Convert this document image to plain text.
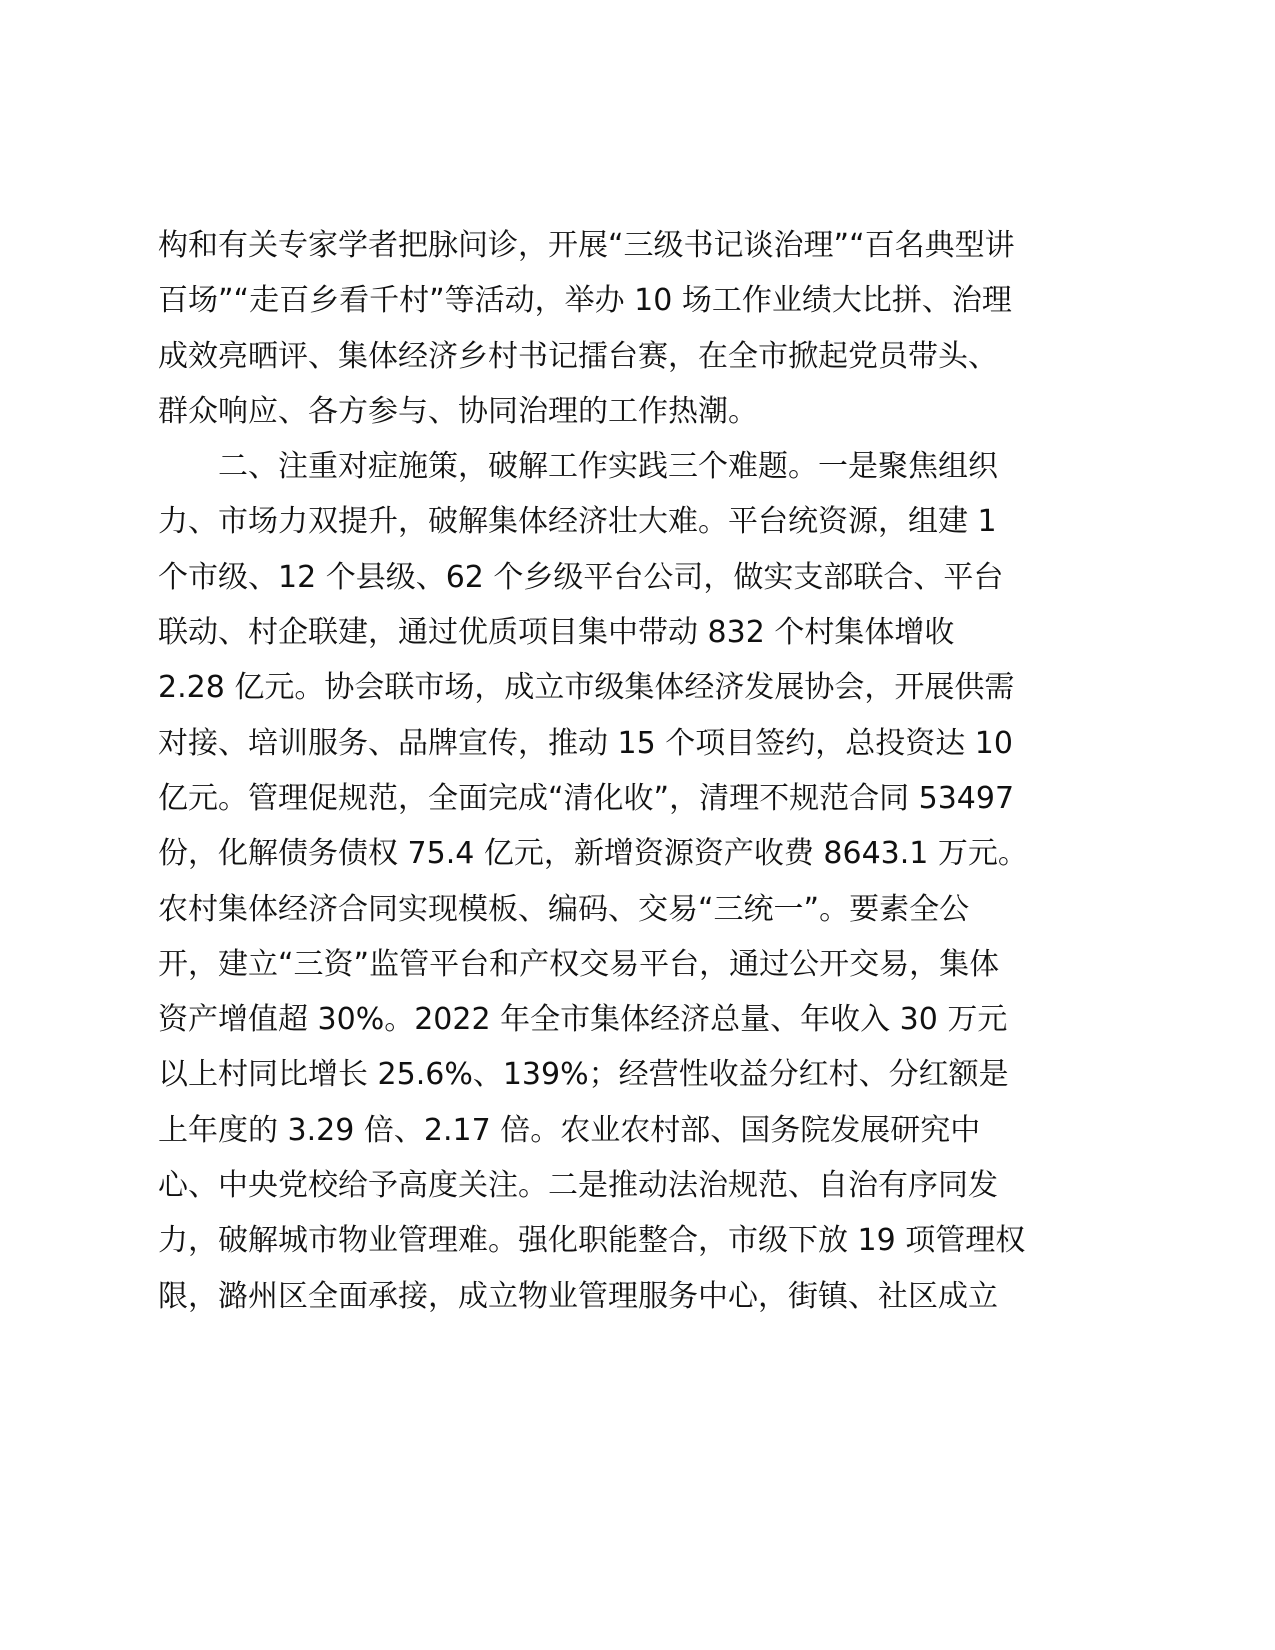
构和有关专家学者把脉问诊，开展“三级书记谈治理”“百名典型讲
百场”“走百乡看千村”等活动，举办 10 场工作业绩大比拼、治理
成效亮晒评、集体经济乡村书记擂台赛，在全市掀起党员带头、
群众响应、各方参与、协同治理的工作热潮。
　　二、注重对症施策，破解工作实践三个难题。一是聚焦组织
力、市场力双提升，破解集体经济壮大难。平台统资源，组建 1
个市级、12 个县级、62 个乡级平台公司，做实支部联合、平台
联动、村企联建，通过优质项目集中带动 832 个村集体增收
2.28 亿元。协会联市场，成立市级集体经济发展协会，开展供需
对接、培训服务、品牌宣传，推动 15 个项目签约，总投资达 10
亿元。管理促规范，全面完成“清化收”，清理不规范合同 53497
份，化解债务债权 75.4 亿元，新增资源资产收费 8643.1 万元。
农村集体经济合同实现模板、编码、交易“三统一”。要素全公
开，建立“三资”监管平台和产权交易平台，通过公开交易，集体
资产增值超 30%。2022 年全市集体经济总量、年收入 30 万元
以上村同比增长 25.6%、139%；经营性收益分红村、分红额是
上年度的 3.29 倍、2.17 倍。农业农村部、国务院发展研究中
心、中央党校给予高度关注。二是推动法治规范、自治有序同发
力，破解城市物业管理难。强化职能整合，市级下放 19 项管理权
限，潞州区全面承接，成立物业管理服务中心，街镇、社区成立
